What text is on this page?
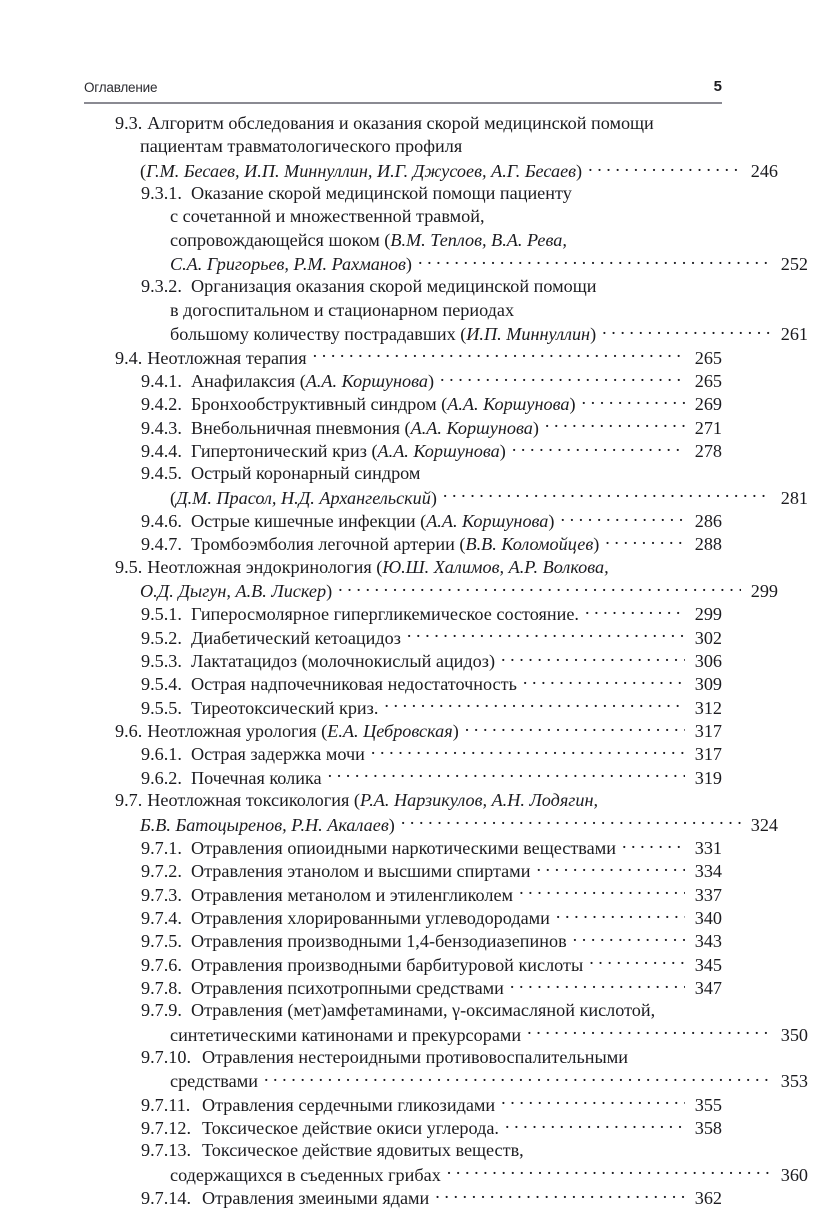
Оглавление	5
9.3. Алгоритм обследования и оказания скорой медицинской помощи
пациентам травматологического профиля
(Г.М. Бесаев, И.П. Миннуллин, И.Г. Джусоев, А.Г. Бесаев) . . .	246
9.3.1. Оказание скорой медицинской помощи пациенту
с сочетанной и множественной травмой,
сопровождающейся шоком (В.М. Теплов, В.А. Рева,
С.А. Григорьев, Р.М. Рахманов) . . .	252
9.3.2. Организация оказания скорой медицинской помощи
в догоспитальном и стационарном периодах
большому количеству пострадавших (И.П. Миннуллин) . . .	261
9.4. Неотложная терапия . . .	265
9.4.1. Анафилаксия (А.А. Коршунова) . . .	265
9.4.2. Бронхообструктивный синдром (А.А. Коршунова) . . .	269
9.4.3. Внебольничная пневмония (А.А. Коршунова) . . .	271
9.4.4. Гипертонический криз (А.А. Коршунова) . . .	278
9.4.5. Острый коронарный синдром
(Д.М. Прасол, Н.Д. Архангельский) . . .	281
9.4.6. Острые кишечные инфекции (А.А. Коршунова) . . .	286
9.4.7. Тромбоэмболия легочной артерии (В.В. Коломойцев) . . .	288
9.5. Неотложная эндокринология (Ю.Ш. Халимов, А.Р. Волкова,
О.Д. Дыгун, А.В. Лискер) . . .	299
9.5.1. Гиперосмолярное гипергликемическое состояние. . . .	299
9.5.2. Диабетический кетоацидоз . . .	302
9.5.3. Лактатацидоз (молочнокислый ацидоз) . . .	306
9.5.4. Острая надпочечниковая недостаточность . . .	309
9.5.5. Тиреотоксический криз. . . .	312
9.6. Неотложная урология (Е.А. Цебровская) . . .	317
9.6.1. Острая задержка мочи . . .	317
9.6.2. Почечная колика . . .	319
9.7. Неотложная токсикология (Р.А. Нарзикулов, А.Н. Лодягин,
Б.В. Батоцыренов, Р.Н. Акалаев) . . .	324
9.7.1. Отравления опиоидными наркотическими веществами . . .	331
9.7.2. Отравления этанолом и высшими спиртами . . .	334
9.7.3. Отравления метанолом и этиленгликолем . . .	337
9.7.4. Отравления хлорированными углеводородами . . .	340
9.7.5. Отравления производными 1,4-бензодиазепинов . . .	343
9.7.6. Отравления производными барбитуровой кислоты . . .	345
9.7.8. Отравления психотропными средствами . . .	347
9.7.9. Отравления (мет)амфетаминами, γ-оксимасляной кислотой,
синтетическими катинонами и прекурсорами . . .	350
9.7.10. Отравления нестероидными противовоспалительными
средствами . . .	353
9.7.11. Отравления сердечными гликозидами . . .	355
9.7.12. Токсическое действие окиси углерода. . . .	358
9.7.13. Токсическое действие ядовитых веществ,
содержащихся в съеденных грибах . . .	360
9.7.14. Отравления змеиными ядами . . .	362
